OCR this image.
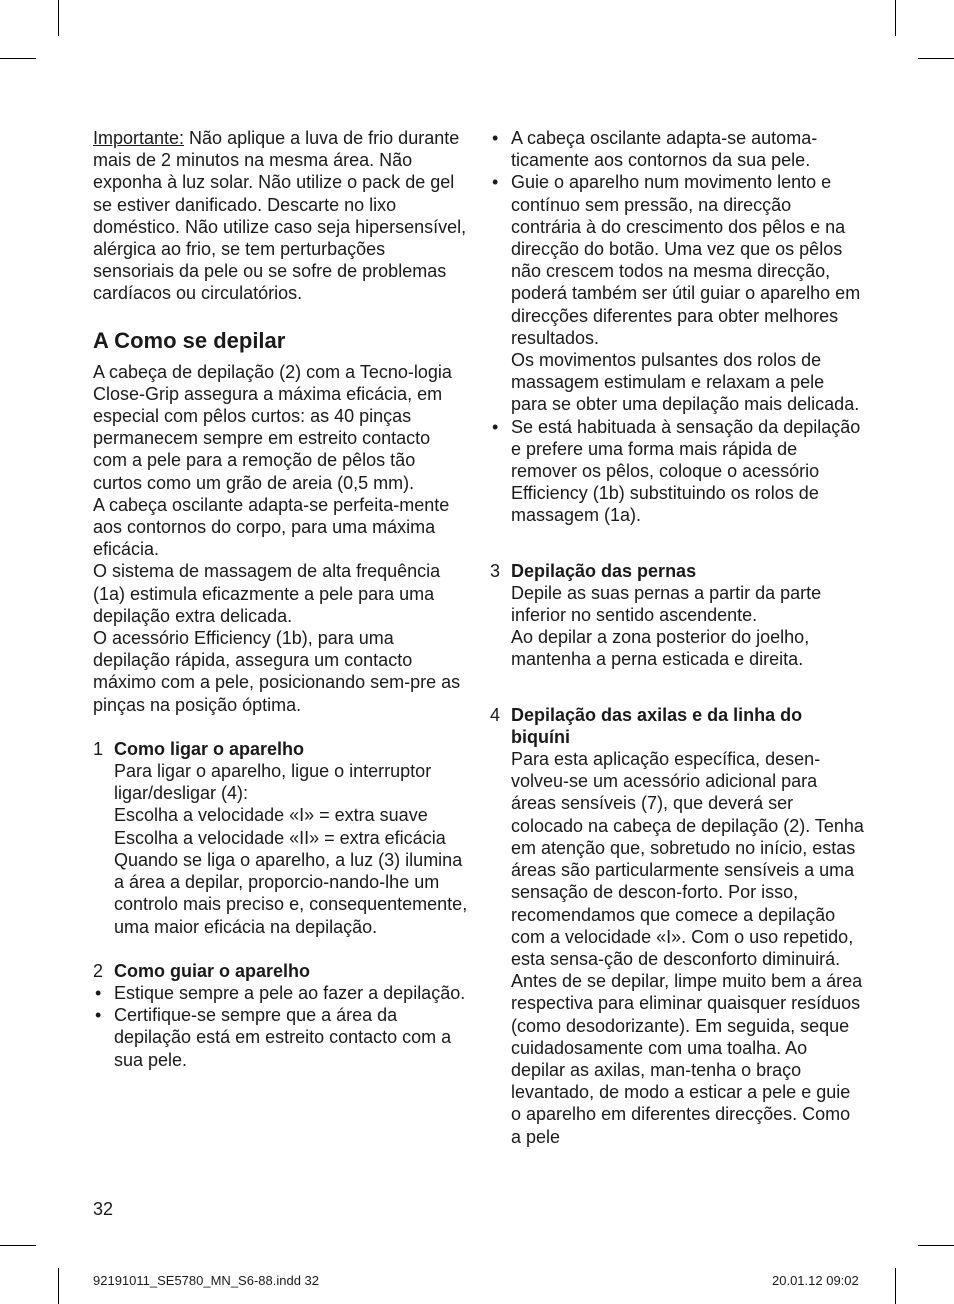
Importante: Não aplique a luva de frio durante mais de 2 minutos na mesma área. Não exponha à luz solar. Não utilize o pack de gel se estiver danificado. Descarte no lixo doméstico. Não utilize caso seja hipersensível, alérgica ao frio, se tem perturbações sensoriais da pele ou se sofre de problemas cardíacos ou circulatórios.

A Como se depilar

A cabeça de depilação (2) com a Tecno-logia Close-Grip assegura a máxima eficácia, em especial com pêlos curtos: as 40 pinças permanecem sempre em estreito contacto com a pele para a remoção de pêlos tão curtos como um grão de areia (0,5 mm).

A cabeça oscilante adapta-se perfeita-mente aos contornos do corpo, para uma máxima eficácia.

O sistema de massagem de alta frequência (1a) estimula eficazmente a pele para uma depilação extra delicada.

O acessório Efficiency (1b), para uma depilação rápida, assegura um contacto máximo com a pele, posicionando sem-pre as pinças na posição óptima.

1 Como ligar o aparelho

Para ligar o aparelho, ligue o interruptor ligar/desligar (4):

Escolha a velocidade «I» = extra suave

Escolha a velocidade «II» = extra eficácia

Quando se liga o aparelho, a luz (3) ilumina a área a depilar, proporcio-nando-lhe um controlo mais preciso e, consequentemente, uma maior eficácia na depilação.

2 Como guiar o aparelho

• Estique sempre a pele ao fazer a depilação.
• Certifique-se sempre que a área da depilação está em estreito contacto com a sua pele.
• A cabeça oscilante adapta-se automa-ticamente aos contornos da sua pele.
• Guie o aparelho num movimento lento e contínuo sem pressão, na direcção contrária à do crescimento dos pêlos e na direcção do botão. Uma vez que os pêlos não crescem todos na mesma direcção, poderá também ser útil guiar o aparelho em direcções diferentes para obter melhores resultados.
Os movimentos pulsantes dos rolos de massagem estimulam e relaxam a pele para se obter uma depilação mais delicada.
• Se está habituada à sensação da depilação e prefere uma forma mais rápida de remover os pêlos, coloque o acessório Efficiency (1b) substituindo os rolos de massagem (1a).
3 Depilação das pernas

Depile as suas pernas a partir da parte inferior no sentido ascendente.

Ao depilar a zona posterior do joelho, mantenha a perna esticada e direita.

4 Depilação das axilas e da linha do biquíni

Para esta aplicação específica, desen-volveu-se um acessório adicional para áreas sensíveis (7), que deverá ser colocado na cabeça de depilação (2). Tenha em atenção que, sobretudo no início, estas áreas são particularmente sensíveis a uma sensação de descon-forto. Por isso, recomendamos que comece a depilação com a velocidade «I». Com o uso repetido, esta sensa-ção de desconforto diminuirá. Antes de se depilar, limpe muito bem a área respectiva para eliminar quaisquer resíduos (como desodorizante). Em seguida, seque cuidadosamente com uma toalha. Ao depilar as axilas, man-tenha o braço levantado, de modo a esticar a pele e guie o aparelho em diferentes direcções. Como a pele

32
92191011_SE5780_MN_S6-88.indd 32	20.01.12 09:02
